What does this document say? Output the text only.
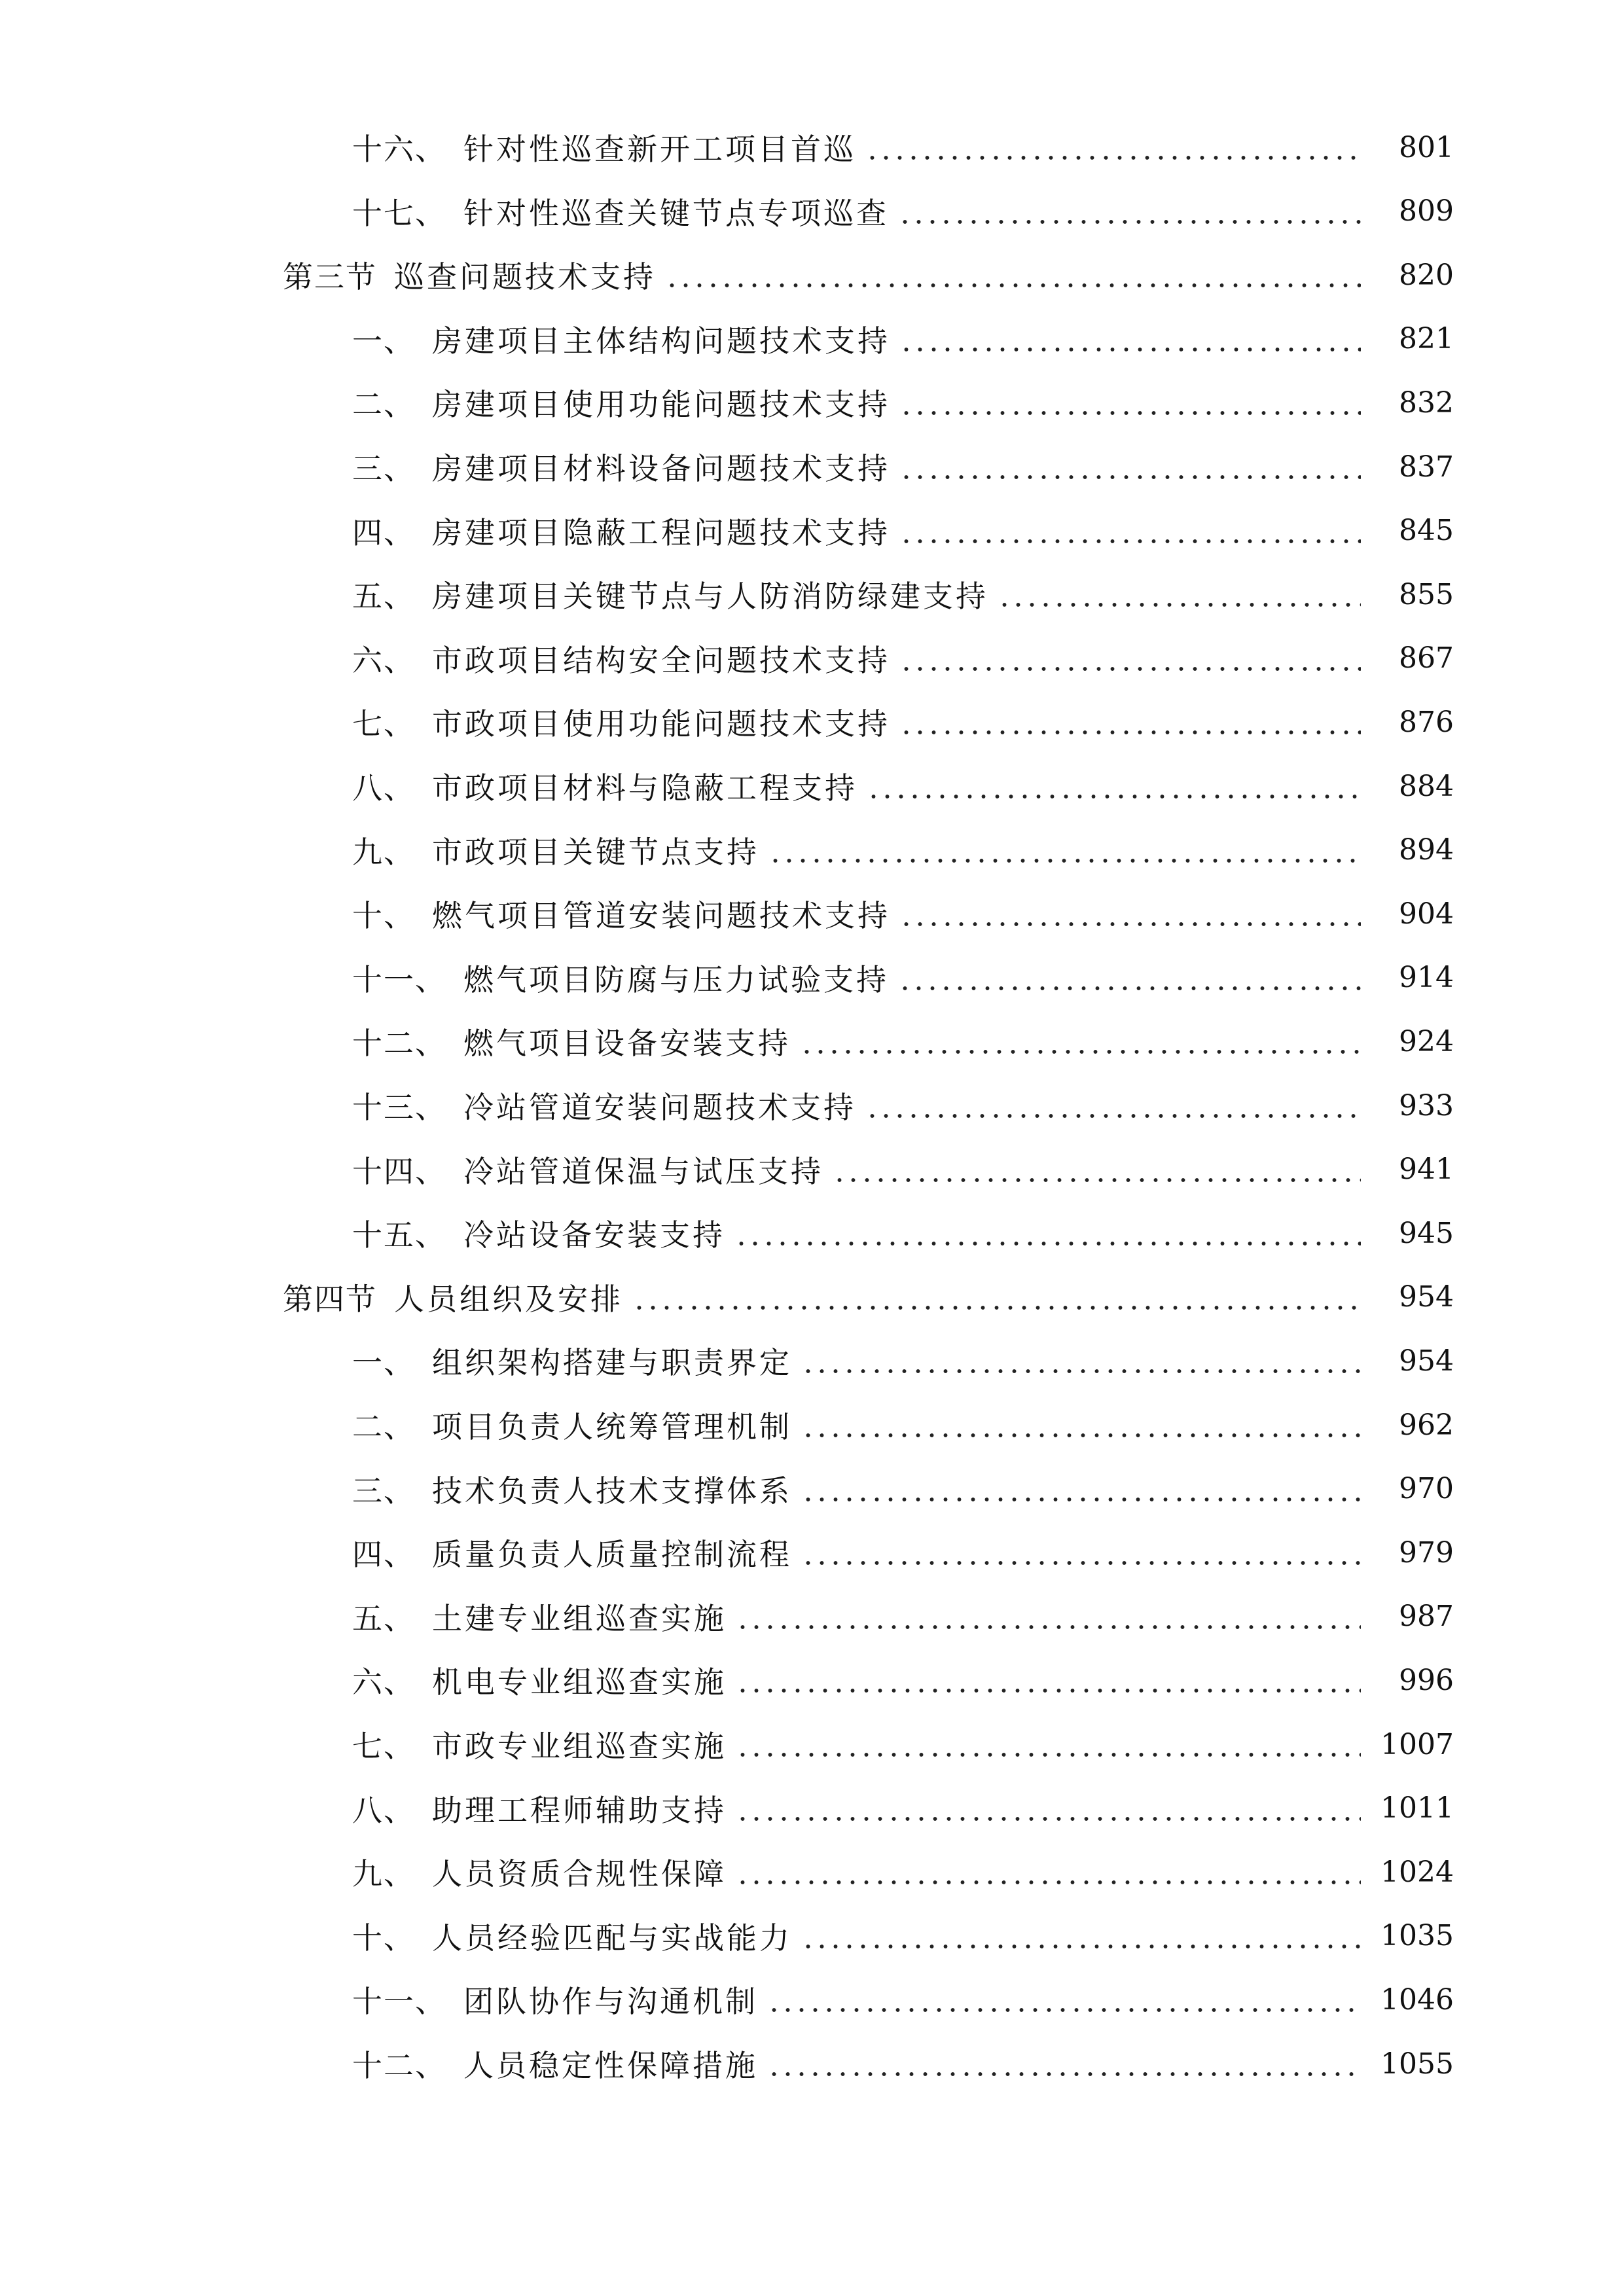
十六、 针对性巡查新开工项目首巡	801
十七、 针对性巡查关键节点专项巡查	809
第三节 巡查问题技术支持	820
一、 房建项目主体结构问题技术支持	821
二、 房建项目使用功能问题技术支持	832
三、 房建项目材料设备问题技术支持	837
四、 房建项目隐蔽工程问题技术支持	845
五、 房建项目关键节点与人防消防绿建支持	855
六、 市政项目结构安全问题技术支持	867
七、 市政项目使用功能问题技术支持	876
八、 市政项目材料与隐蔽工程支持	884
九、 市政项目关键节点支持	894
十、 燃气项目管道安装问题技术支持	904
十一、 燃气项目防腐与压力试验支持	914
十二、 燃气项目设备安装支持	924
十三、 冷站管道安装问题技术支持	933
十四、 冷站管道保温与试压支持	941
十五、 冷站设备安装支持	945
第四节 人员组织及安排	954
一、 组织架构搭建与职责界定	954
二、 项目负责人统筹管理机制	962
三、 技术负责人技术支撑体系	970
四、 质量负责人质量控制流程	979
五、 土建专业组巡查实施	987
六、 机电专业组巡查实施	996
七、 市政专业组巡查实施	1007
八、 助理工程师辅助支持	1011
九、 人员资质合规性保障	1024
十、 人员经验匹配与实战能力	1035
十一、 团队协作与沟通机制	1046
十二、 人员稳定性保障措施	1055
